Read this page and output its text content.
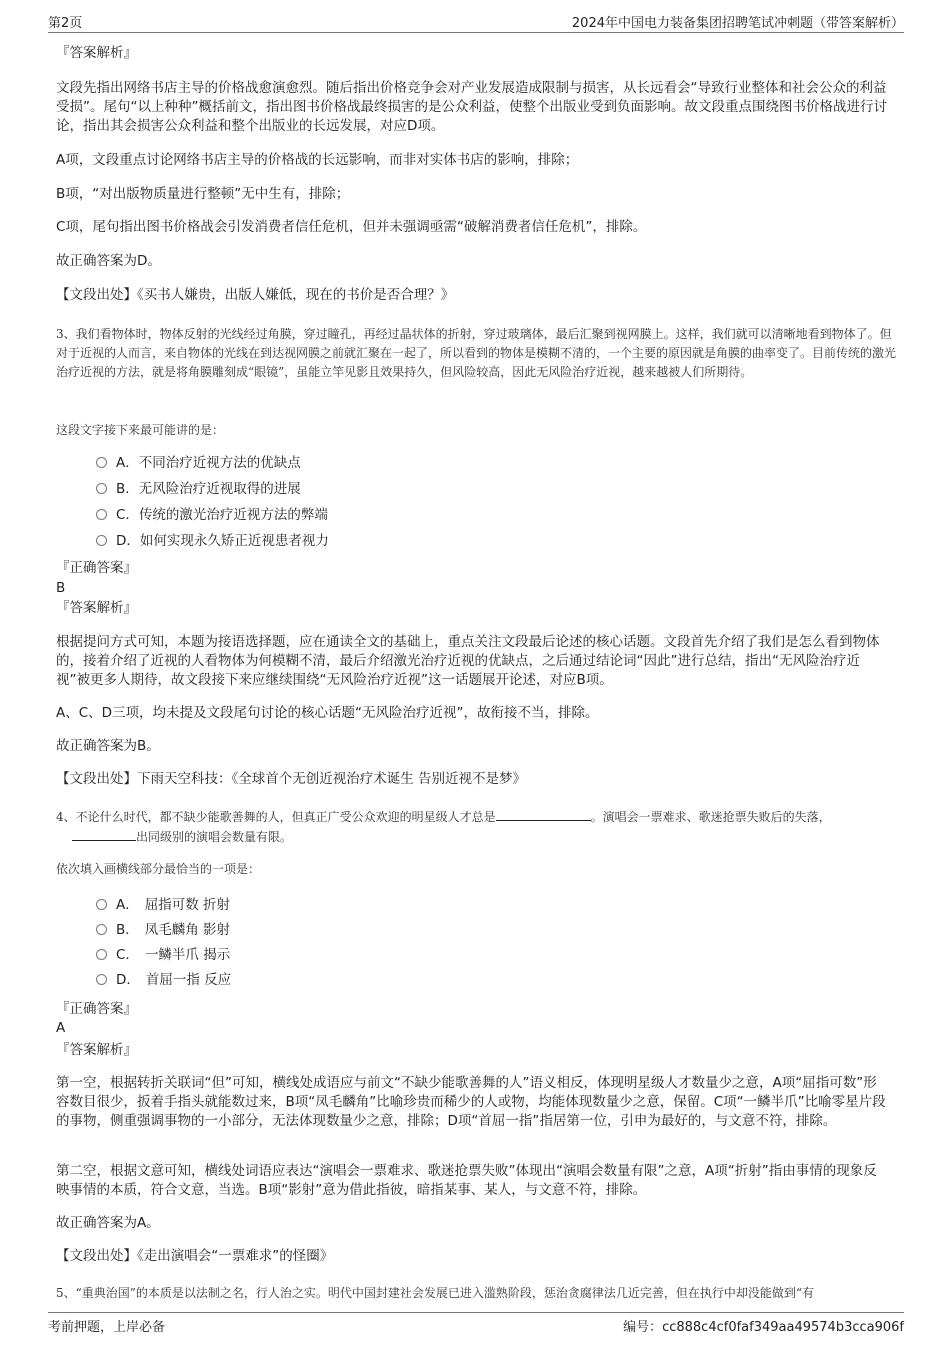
第2页	2024年中国电力装备集团招聘笔试冲刺题（带答案解析）
『答案解析』
文段先指出网络书店主导的价格战愈演愈烈。随后指出价格竞争会对产业发展造成限制与损害，从长远看会“导致行业整体和社会公众的利益受损”。尾句“以上种种”概括前文，指出图书价格战最终损害的是公众利益，使整个出版业受到负面影响。故文段重点围绕图书价格战进行讨论，指出其会损害公众利益和整个出版业的长远发展，对应D项。
A项，文段重点讨论网络书店主导的价格战的长远影响，而非对实体书店的影响，排除；
B项，“对出版物质量进行整顿”无中生有，排除；
C项，尾句指出图书价格战会引发消费者信任危机，但并未强调亟需“破解消费者信任危机”，排除。
故正确答案为D。
【文段出处】《买书人嫌贵，出版人嫌低，现在的书价是否合理？》
3、我们看物体时，物体反射的光线经过角膜，穿过瞳孔，再经过晶状体的折射，穿过玻璃体，最后汇聚到视网膜上。这样，我们就可以清晰地看到物体了。但对于近视的人而言，来自物体的光线在到达视网膜之前就汇聚在一起了，所以看到的物体是模糊不清的，一个主要的原因就是角膜的曲率变了。目前传统的激光治疗近视的方法，就是将角膜雕刻成“眼镜”，虽能立竿见影且效果持久，但风险较高，因此无风险治疗近视，越来越被人们所期待。
这段文字接下来最可能讲的是：
A．不同治疗近视方法的优缺点
B．无风险治疗近视取得的进展
C．传统的激光治疗近视方法的弊端
D．如何实现永久矫正近视患者视力
『正确答案』
B
『答案解析』
根据提问方式可知，本题为接语选择题，应在通读全文的基础上，重点关注文段最后论述的核心话题。文段首先介绍了我们是怎么看到物体的，接着介绍了近视的人看物体为何模糊不清，最后介绍激光治疗近视的优缺点，之后通过结论词“因此”进行总结，指出“无风险治疗近视”被更多人期待，故文段接下来应继续围绕“无风险治疗近视”这一话题展开论述，对应B项。
A、C、D三项，均未提及文段尾句讨论的核心话题“无风险治疗近视”，故衔接不当，排除。
故正确答案为B。
【文段出处】下雨天空科技：《全球首个无创近视治疗术诞生 告别近视不是梦》
4、不论什么时代，都不缺少能歌善舞的人，但真正广受公众欢迎的明星级人才总是	。演唱会一票难求、歌迷抢票失败后的失落，出同级别的演唱会数量有限。
依次填入画横线部分最恰当的一项是：
A． 屈指可数 折射
B． 凤毛麟角 影射
C． 一鳞半爪 揭示
D． 首屈一指 反应
『正确答案』
A
『答案解析』
第一空，根据转折关联词“但”可知，横线处成语应与前文“不缺少能歌善舞的人”语义相反，体现明星级人才数量少之意，A项“屈指可数”形容数目很少，扳着手指头就能数过来，B项“凤毛麟角”比喻珍贵而稀少的人或物，均能体现数量少之意，保留。C项“一鳞半爪”比喻零星片段的事物，侧重强调事物的一小部分，无法体现数量少之意，排除；D项“首屈一指”指居第一位，引申为最好的，与文意不符，排除。
第二空，根据文意可知，横线处词语应表达“演唱会一票难求、歌迷抢票失败”体现出“演唱会数量有限”之意，A项“折射”指由事情的现象反映事情的本质，符合文意，当选。B项“影射”意为借此指彼，暗指某事、某人，与文意不符，排除。
故正确答案为A。
【文段出处】《走出演唱会“一票难求”的怪圈》
5、“重典治国”的本质是以法制之名，行人治之实。明代中国封建社会发展已进入滥熟阶段，惩治贪腐律法几近完善，但在执行中却没能做到“有
考前押题，上岸必备	编号：cc888c4cf0faf349aa49574b3cca906f
